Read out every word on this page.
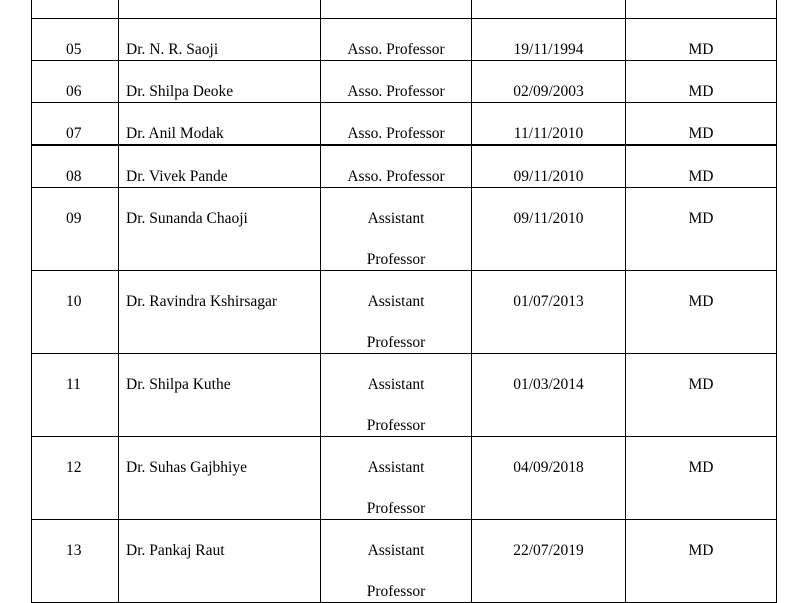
05	Dr. N. R. Saoji	Asso. Professor	19/11/1994	MD

06	Dr. Shilpa Deoke	Asso. Professor	02/09/2003	MD

07	Dr. Anil Modak	Asso. Professor	11/11/2010	MD

08	Dr. Vivek Pande	Asso. Professor	09/11/2010	MD

09	Dr. Sunanda Chaoji	Assistant
Professor	09/11/2010	MD

10	Dr. Ravindra Kshirsagar	Assistant
Professor	01/07/2013	MD

11	Dr. Shilpa Kuthe	Assistant
Professor	01/03/2014	MD

12	Dr. Suhas Gajbhiye	Assistant
Professor	04/09/2018	MD

13	Dr. Pankaj Raut	Assistant
Professor	22/07/2019	MD
